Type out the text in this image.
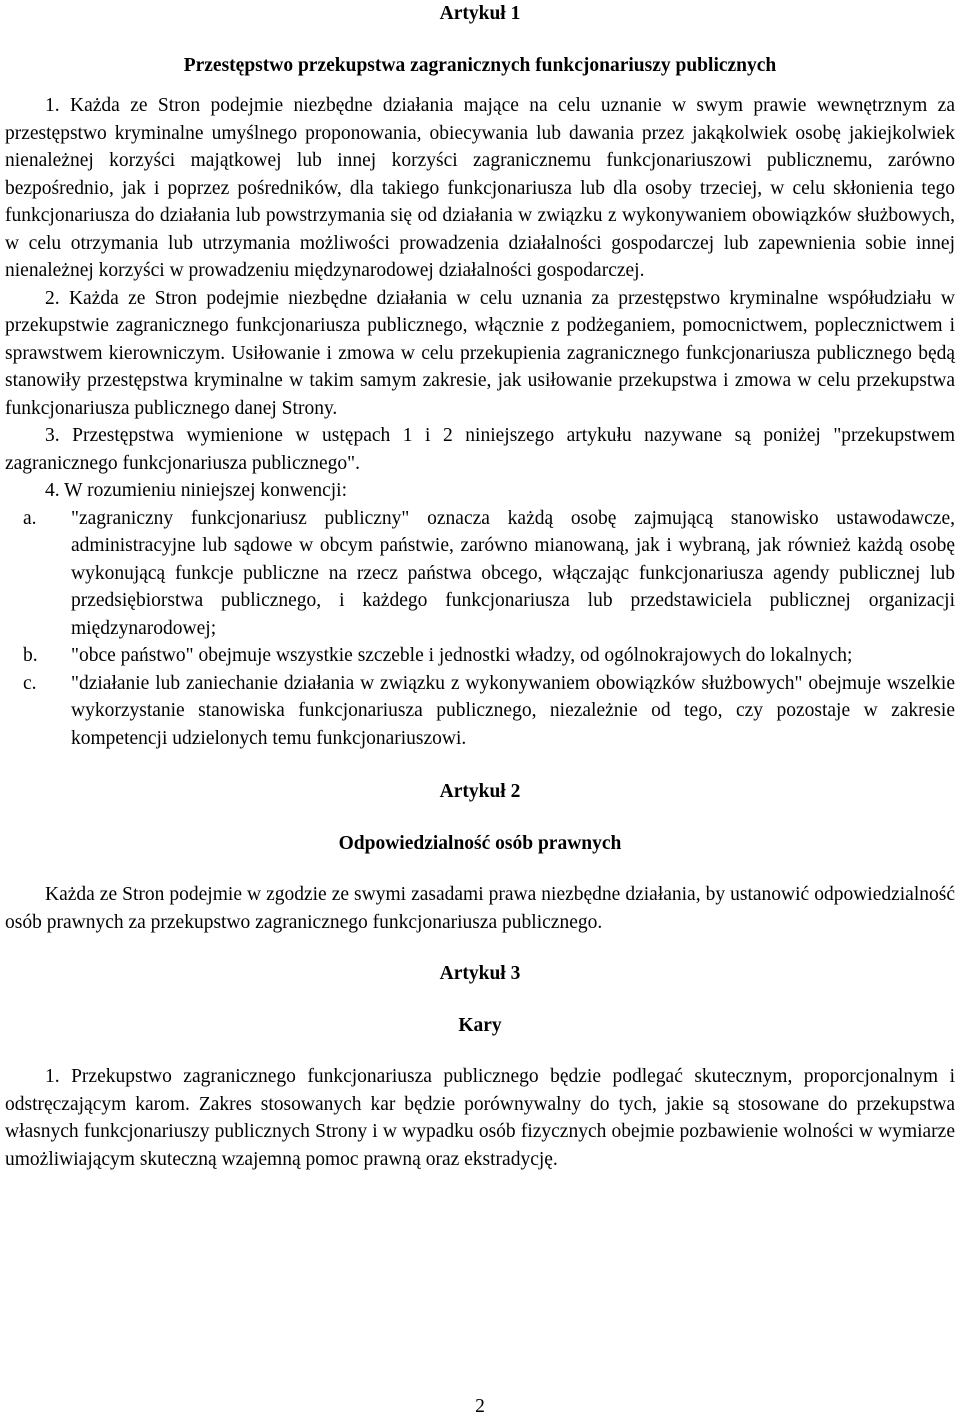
Artykuł 1

Przestępstwo przekupstwa zagranicznych funkcjonariuszy publicznych

1. Każda ze Stron podejmie niezbędne działania mające na celu uznanie w swym prawie wewnętrznym za przestępstwo kryminalne umyślnego proponowania, obiecywania lub dawania przez jakąkolwiek osobę jakiejkolwiek nienależnej korzyści majątkowej lub innej korzyści zagranicznemu funkcjonariuszowi publicznemu, zarówno bezpośrednio, jak i poprzez pośredników, dla takiego funkcjonariusza lub dla osoby trzeciej, w celu skłonienia tego funkcjonariusza do działania lub powstrzymania się od działania w związku z wykonywaniem obowiązków służbowych, w celu otrzymania lub utrzymania możliwości prowadzenia działalności gospodarczej lub zapewnienia sobie innej nienależnej korzyści w prowadzeniu międzynarodowej działalności gospodarczej.

2. Każda ze Stron podejmie niezbędne działania w celu uznania za przestępstwo kryminalne współudziału w przekupstwie zagranicznego funkcjonariusza publicznego, włącznie z podżeganiem, pomocnictwem, poplecznictwem i sprawstwem kierowniczym. Usiłowanie i zmowa w celu przekupienia zagranicznego funkcjonariusza publicznego będą stanowiły przestępstwa kryminalne w takim samym zakresie, jak usiłowanie przekupstwa i zmowa w celu przekupstwa funkcjonariusza publicznego danej Strony.

3. Przestępstwa wymienione w ustępach 1 i 2 niniejszego artykułu nazywane są poniżej "przekupstwem zagranicznego funkcjonariusza publicznego".

4. W rozumieniu niniejszej konwencji:

a. "zagraniczny funkcjonariusz publiczny" oznacza każdą osobę zajmującą stanowisko ustawodawcze, administracyjne lub sądowe w obcym państwie, zarówno mianowaną, jak i wybraną, jak również każdą osobę wykonującą funkcje publiczne na rzecz państwa obcego, włączając funkcjonariusza agendy publicznej lub przedsiębiorstwa publicznego, i każdego funkcjonariusza lub przedstawiciela publicznej organizacji międzynarodowej;
b. "obce państwo" obejmuje wszystkie szczeble i jednostki władzy, od ogólnokrajowych do lokalnych;
c. "działanie lub zaniechanie działania w związku z wykonywaniem obowiązków służbowych" obejmuje wszelkie wykorzystanie stanowiska funkcjonariusza publicznego, niezależnie od tego, czy pozostaje w zakresie kompetencji udzielonych temu funkcjonariuszowi.

Artykuł 2

Odpowiedzialność osób prawnych

Każda ze Stron podejmie w zgodzie ze swymi zasadami prawa niezbędne działania, by ustanowić odpowiedzialność osób prawnych za przekupstwo zagranicznego funkcjonariusza publicznego.

Artykuł 3

Kary

1. Przekupstwo zagranicznego funkcjonariusza publicznego będzie podlegać skutecznym, proporcjonalnym i odstręczającym karom. Zakres stosowanych kar będzie porównywalny do tych, jakie są stosowane do przekupstwa własnych funkcjonariuszy publicznych Strony i w wypadku osób fizycznych obejmie pozbawienie wolności w wymiarze umożliwiającym skuteczną wzajemną pomoc prawną oraz ekstradycję.

2
